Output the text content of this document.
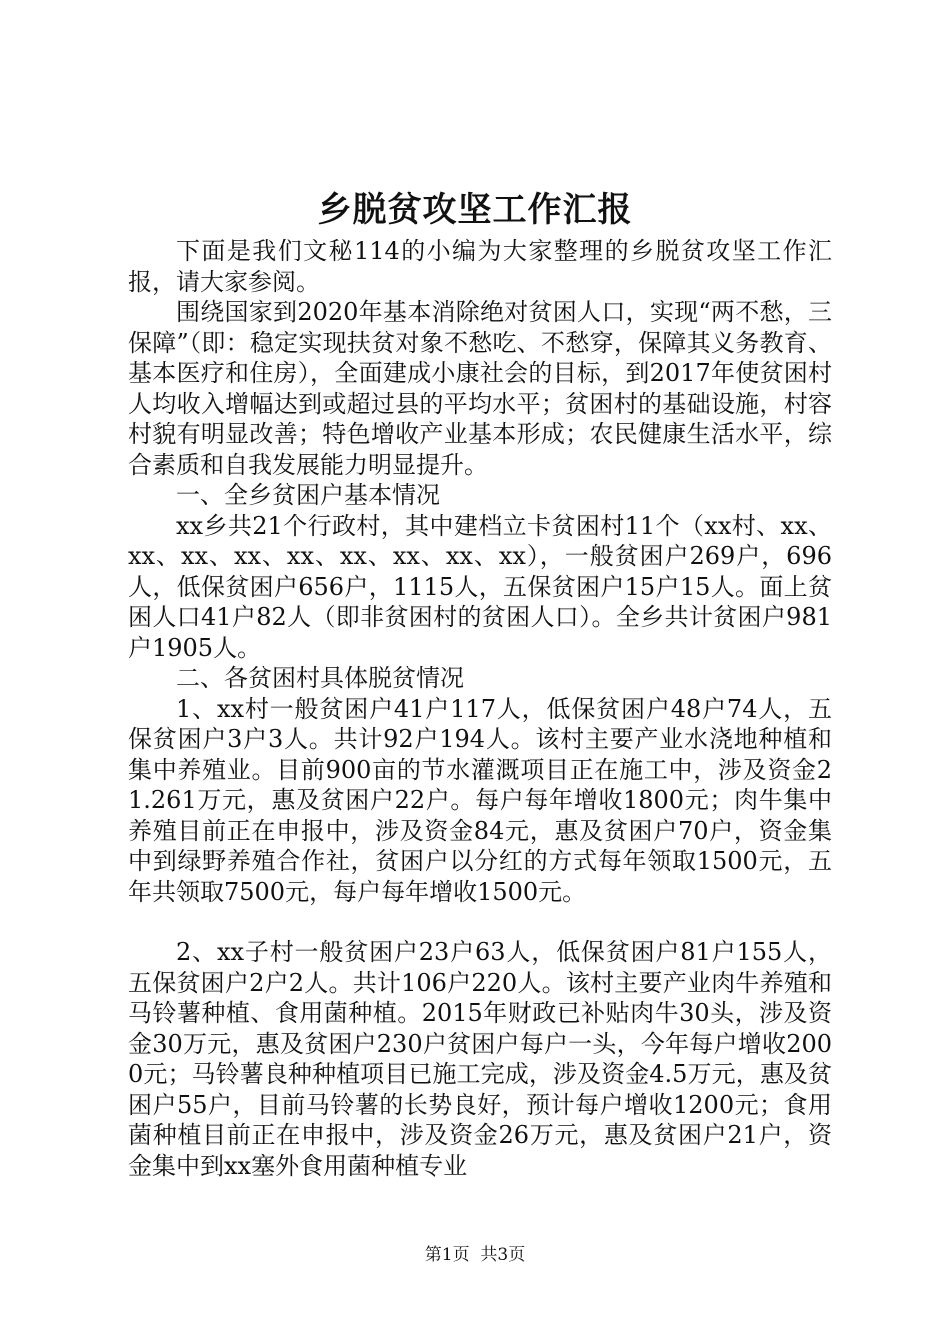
乡脱贫攻坚工作汇报

下面是我们文秘114的小编为大家整理的乡脱贫攻坚工作汇报，请大家参阅。

围绕国家到2020年基本消除绝对贫困人口，实现“两不愁，三保障”（即：稳定实现扶贫对象不愁吃、不愁穿，保障其义务教育、基本医疗和住房），全面建成小康社会的目标，到2017年使贫困村人均收入增幅达到或超过县的平均水平；贫困村的基础设施，村容村貌有明显改善；特色增收产业基本形成；农民健康生活水平，综合素质和自我发展能力明显提升。

一、全乡贫困户基本情况

xx乡共21个行政村，其中建档立卡贫困村11个（xx村、xx、xx、xx、xx、xx、xx、xx、xx、xx），一般贫困户269户，696人，低保贫困户656户，1115人，五保贫困户15户15人。面上贫困人口41户82人（即非贫困村的贫困人口）。全乡共计贫困户981户1905人。

二、各贫困村具体脱贫情况

1、xx村一般贫困户41户117人，低保贫困户48户74人，五保贫困户3户3人。共计92户194人。该村主要产业水浇地种植和集中养殖业。目前900亩的节水灌溉项目正在施工中，涉及资金21.261万元，惠及贫困户22户。每户每年增收1800元；肉牛集中养殖目前正在申报中，涉及资金84元，惠及贫困户70户，资金集中到绿野养殖合作社，贫困户以分红的方式每年领取1500元，五年共领取7500元，每户每年增收1500元。

2、xx子村一般贫困户23户63人，低保贫困户81户155人，五保贫困户2户2人。共计106户220人。该村主要产业肉牛养殖和马铃薯种植、食用菌种植。2015年财政已补贴肉牛30头，涉及资金30万元，惠及贫困户230户贫困户每户一头，今年每户增收2000元；马铃薯良种种植项目已施工完成，涉及资金4.5万元，惠及贫困户55户，目前马铃薯的长势良好，预计每户增收1200元；食用菌种植目前正在申报中，涉及资金26万元，惠及贫困户21户，资金集中到xx塞外食用菌种植专业

第1页 共3页
